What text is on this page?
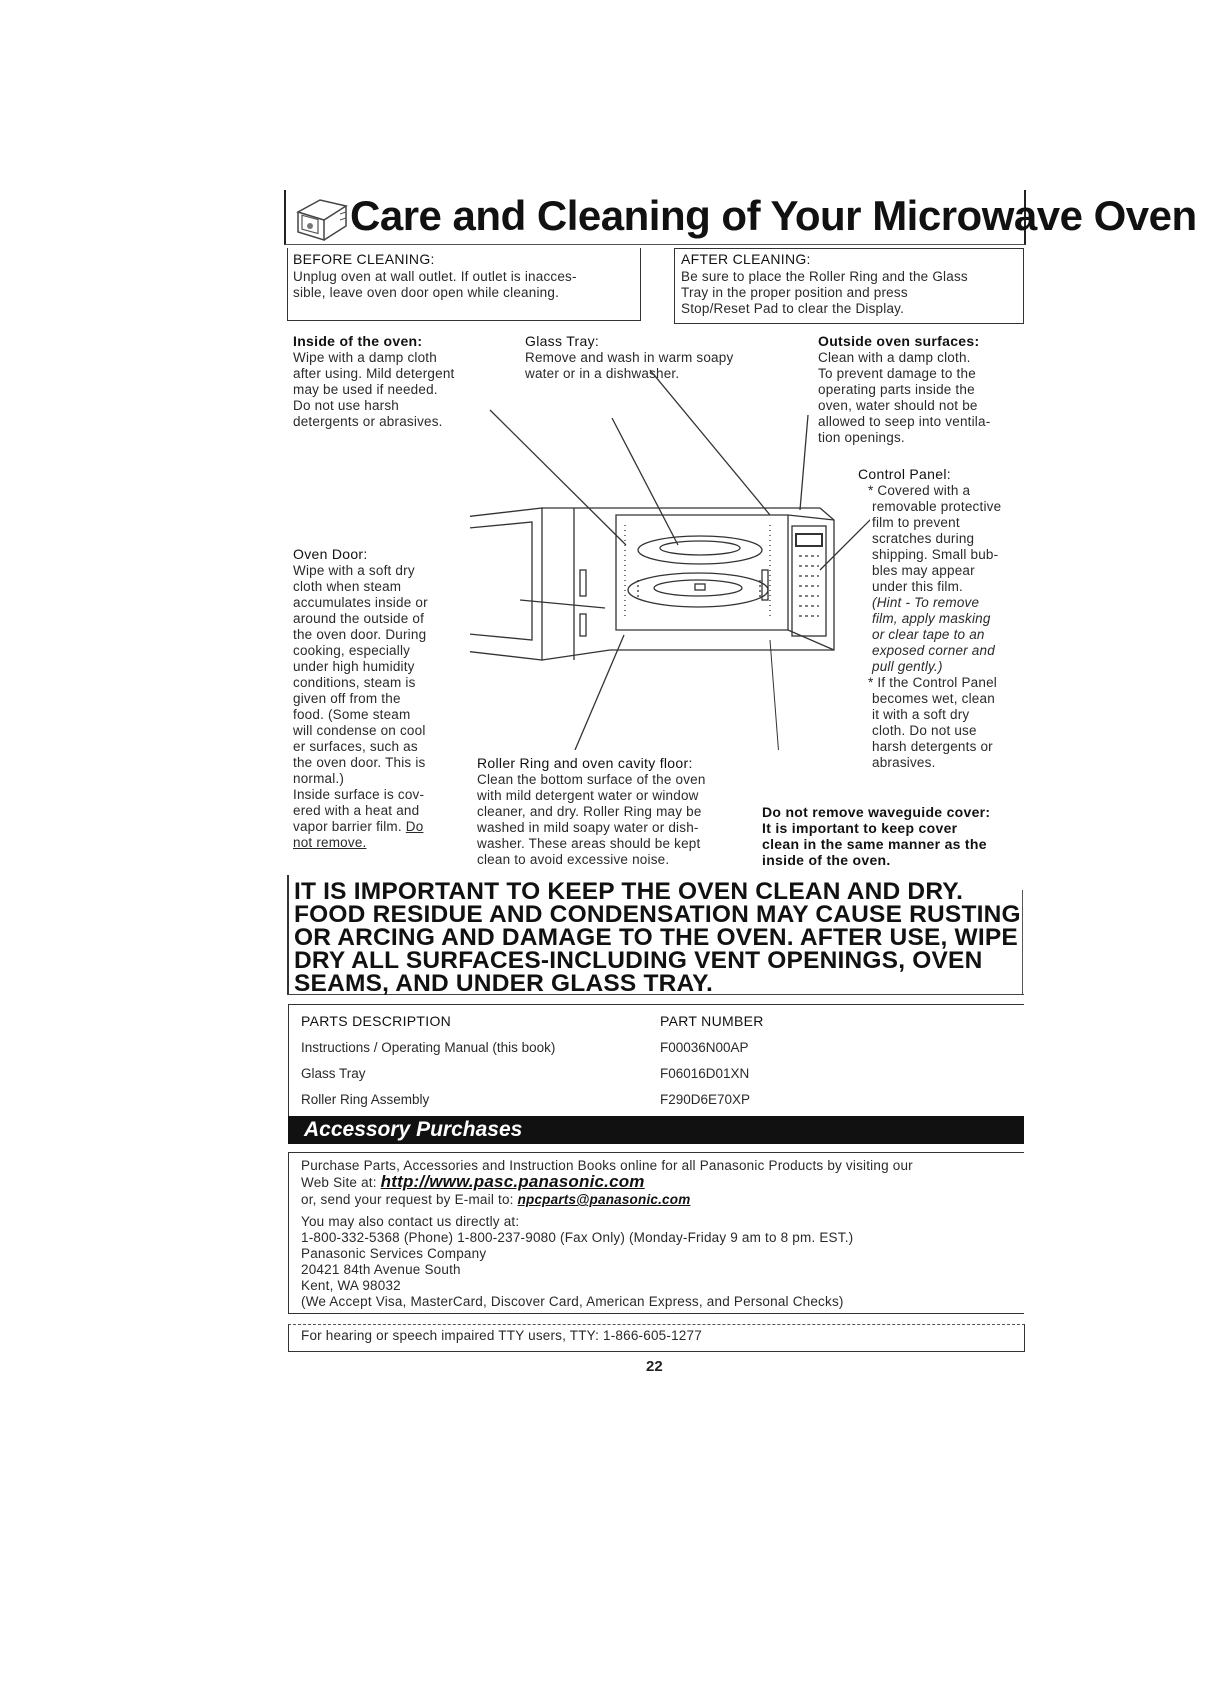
Care and Cleaning of Your Microwave Oven
BEFORE CLEANING:
Unplug oven at wall outlet. If outlet is inacces-
sible, leave oven door open while cleaning.
AFTER CLEANING:
Be sure to place the Roller Ring and the Glass
Tray in the proper position and press
Stop/Reset Pad to clear the Display.
Inside of the oven:
Wipe with a damp cloth
after using. Mild detergent
may be used if needed.
Do not use harsh
detergents or abrasives.
Glass Tray:
Remove and wash in warm soapy
water or in a dishwasher.
Outside oven surfaces:
Clean with a damp cloth.
To prevent damage to the
operating parts inside the
oven, water should not be
allowed to seep into ventila-
tion openings.
Control Panel:
* Covered with a
removable protective
film to prevent
scratches during
shipping. Small bub-
bles may appear
under this film.
(Hint - To remove
film, apply masking
or clear tape to an
exposed corner and
pull gently.)
* If the Control Panel
becomes wet, clean
it with a soft dry
cloth. Do not use
harsh detergents or
abrasives.
Oven Door:
Wipe with a soft dry
cloth when steam
accumulates inside or
around the outside of
the oven door. During
cooking, especially
under high humidity
conditions, steam is
given off from the
food. (Some steam
will condense on cool
er surfaces, such as
the oven door. This is
normal.)
Inside surface is cov-
ered with a heat and
vapor barrier film. Do
not remove.
Roller Ring and oven cavity floor:
Clean the bottom surface of the oven
with mild detergent water or window
cleaner, and dry. Roller Ring may be
washed in mild soapy water or dish-
washer. These areas should be kept
clean to avoid excessive noise.
Do not remove waveguide cover:
It is important to keep cover
clean in the same manner as the
inside of the oven.
IT IS IMPORTANT TO KEEP THE OVEN CLEAN AND DRY.
FOOD RESIDUE AND CONDENSATION MAY CAUSE RUSTING
OR ARCING AND DAMAGE TO THE OVEN. AFTER USE, WIPE
DRY ALL SURFACES-INCLUDING VENT OPENINGS, OVEN
SEAMS, AND UNDER GLASS TRAY.
PARTS DESCRIPTION	PART NUMBER
Instructions / Operating Manual (this book)	F00036N00AP
Glass Tray	F06016D01XN
Roller Ring Assembly	F290D6E70XP
Accessory Purchases
Purchase Parts, Accessories and Instruction Books online for all Panasonic Products by visiting our
Web Site at: http://www.pasc.panasonic.com
or, send your request by E-mail to: npcparts@panasonic.com
You may also contact us directly at:
1-800-332-5368 (Phone) 1-800-237-9080 (Fax Only) (Monday-Friday 9 am to 8 pm. EST.)
Panasonic Services Company
20421 84th Avenue South
Kent, WA 98032
(We Accept Visa, MasterCard, Discover Card, American Express, and Personal Checks)
For hearing or speech impaired TTY users, TTY: 1-866-605-1277
22
